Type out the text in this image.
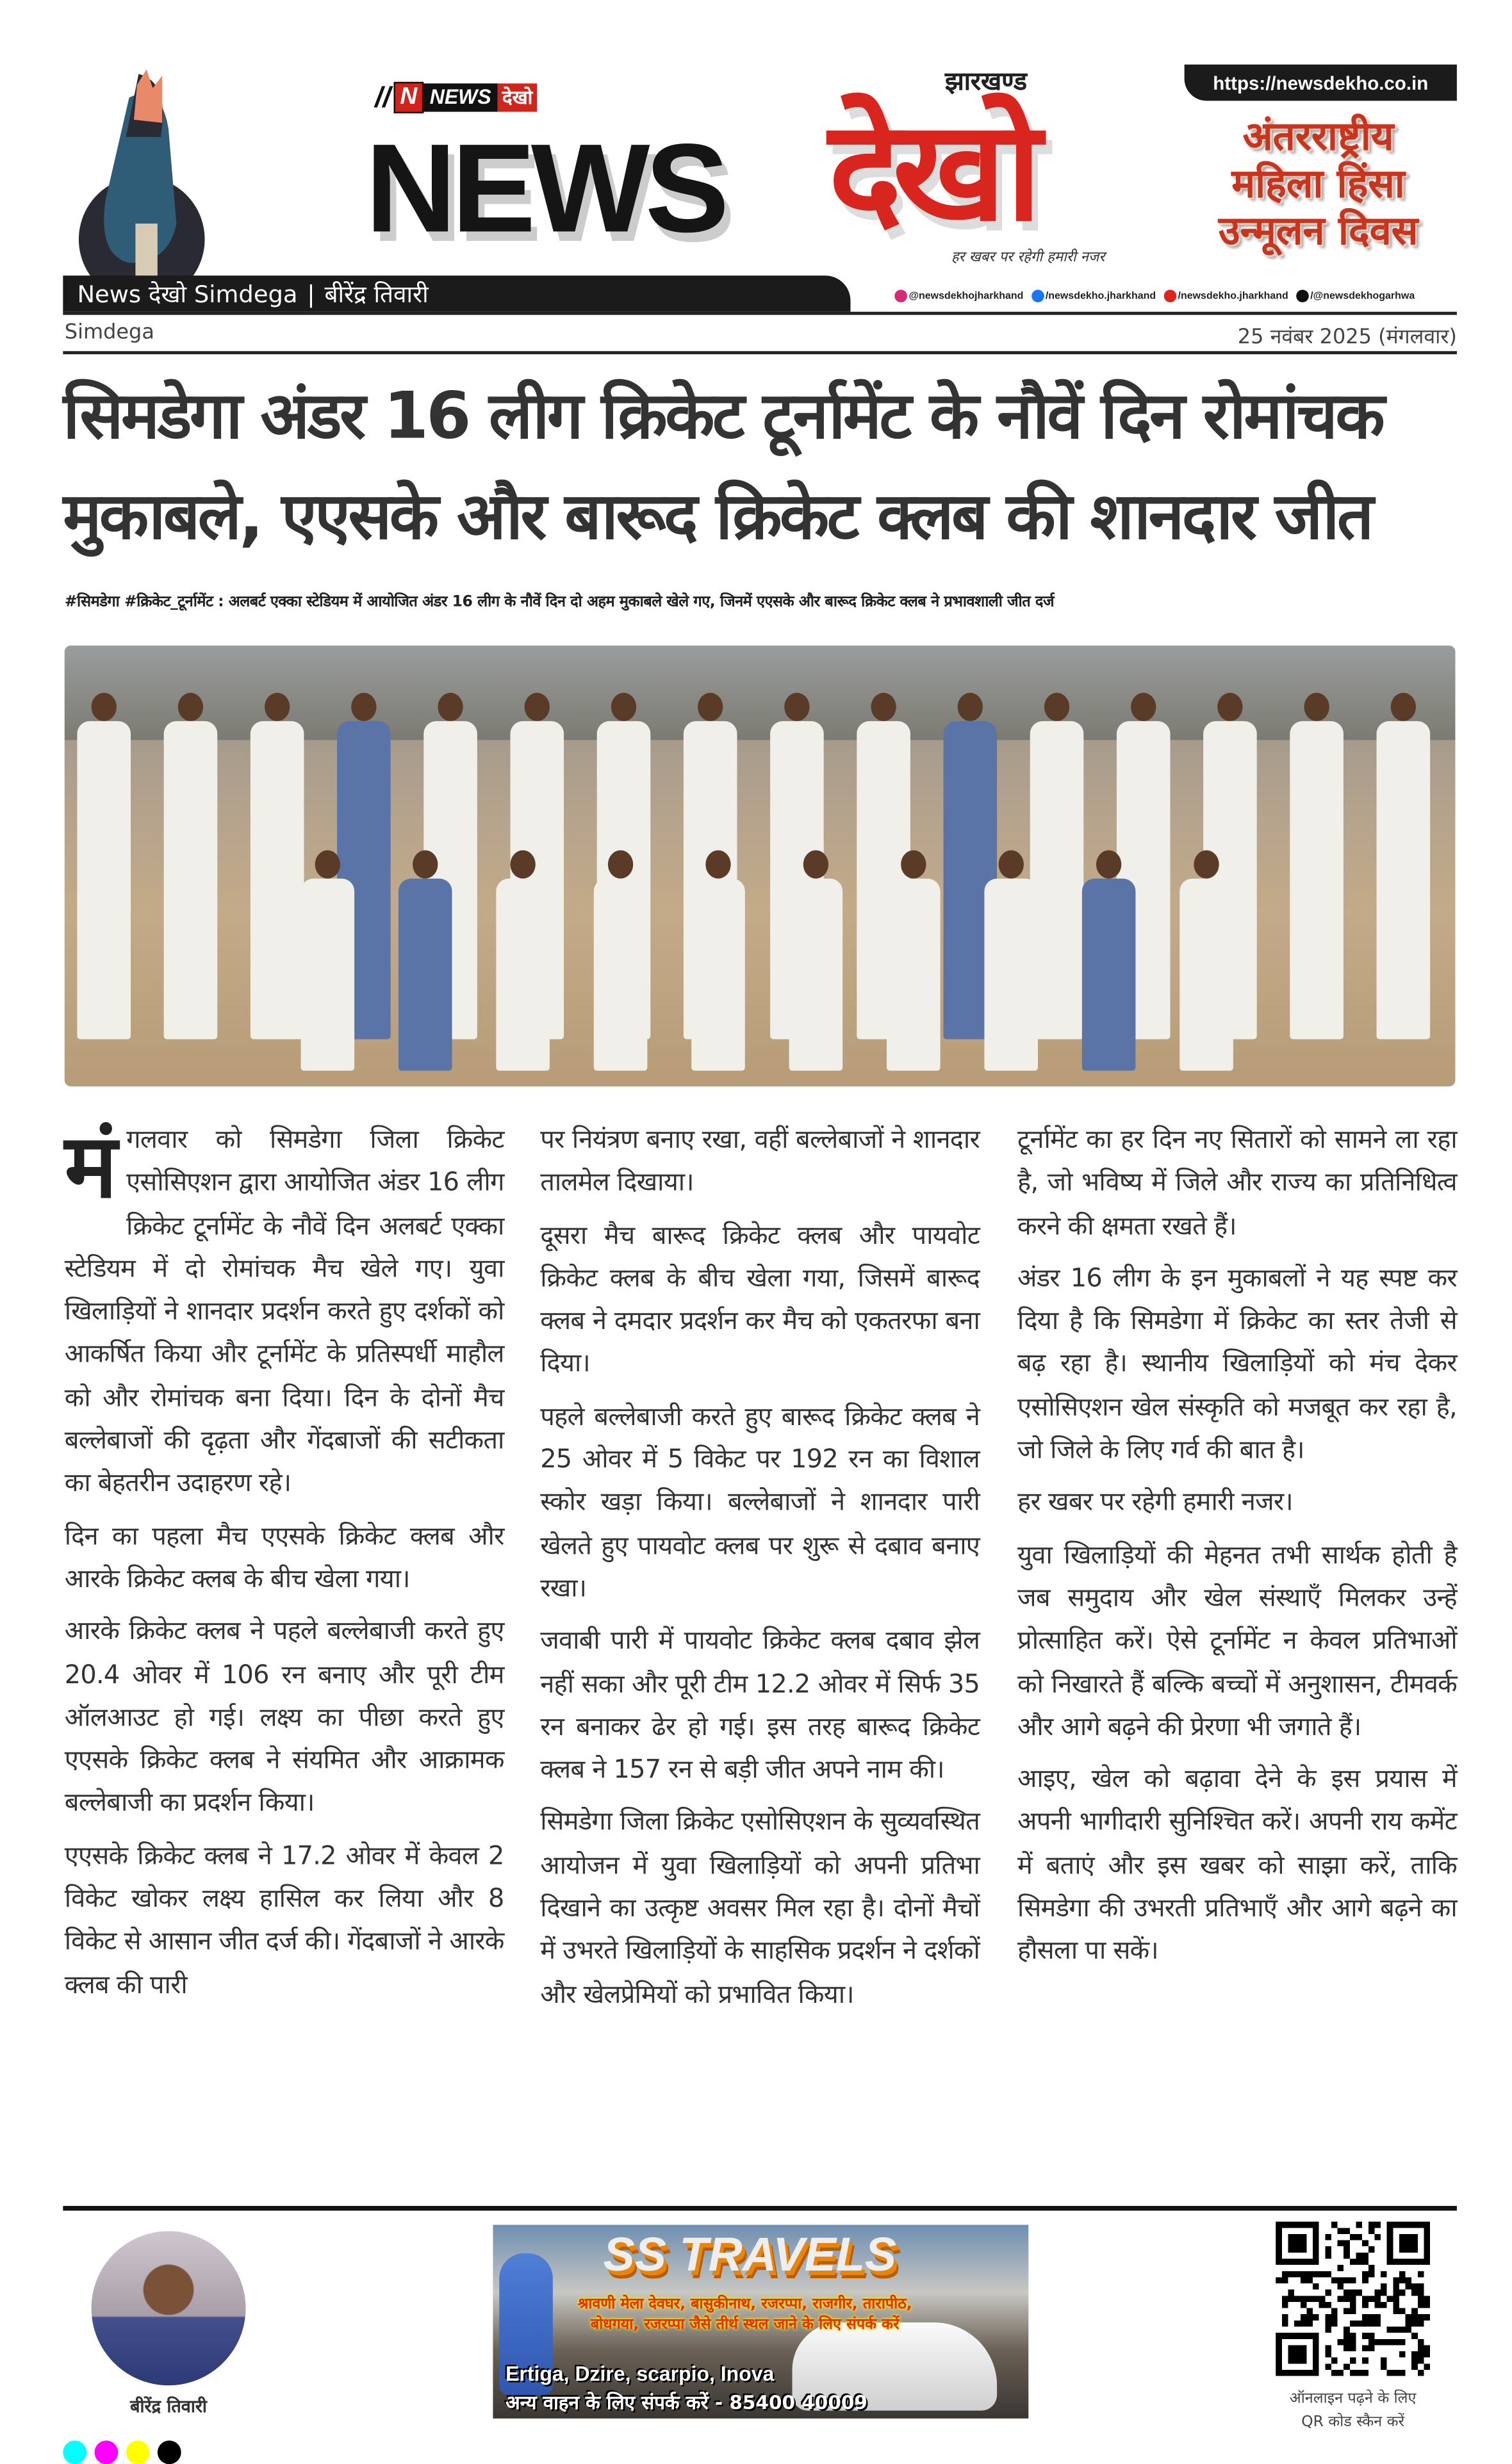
// N	NEWS	देखो
NEWS
झारखण्ड
देखो
हर खबर पर रहेगी हमारी नजर
https://newsdekho.co.in
अंतरराष्ट्रीय
महिला हिंसा
उन्मूलन दिवस
News देखो Simdega | बीरेंद्र तिवारी	@newsdekhojharkhand	/newsdekho.jharkhand	/newsdekho.jharkhand	/@newsdekhogarhwa
Simdega	25 नवंबर 2025 (मंगलवार)
सिमडेगा अंडर 16 लीग क्रिकेट टूर्नामेंट के नौवें दिन रोमांचक मुकाबले, एएसके और बारूद क्रिकेट क्लब की शानदार जीत
#सिमडेगा #क्रिकेट_टूर्नामेंट : अलबर्ट एक्का स्टेडियम में आयोजित अंडर 16 लीग के नौवें दिन दो अहम मुकाबले खेले गए, जिनमें एएसके और बारूद क्रिकेट क्लब ने प्रभावशाली जीत दर्ज

मंगलवार को सिमडेगा जिला क्रिकेट एसोसिएशन द्वारा आयोजित अंडर 16 लीग क्रिकेट टूर्नामेंट के नौवें दिन अलबर्ट एक्का स्टेडियम में दो रोमांचक मैच खेले गए। युवा खिलाड़ियों ने शानदार प्रदर्शन करते हुए दर्शकों को आकर्षित किया और टूर्नामेंट के प्रतिस्पर्धी माहौल को और रोमांचक बना दिया। दिन के दोनों मैच बल्लेबाजों की दृढ़ता और गेंदबाजों की सटीकता का बेहतरीन उदाहरण रहे।

दिन का पहला मैच एएसके क्रिकेट क्लब और आरके क्रिकेट क्लब के बीच खेला गया।

आरके क्रिकेट क्लब ने पहले बल्लेबाजी करते हुए 20.4 ओवर में 106 रन बनाए और पूरी टीम ऑलआउट हो गई। लक्ष्य का पीछा करते हुए एएसके क्रिकेट क्लब ने संयमित और आक्रामक बल्लेबाजी का प्रदर्शन किया।

एएसके क्रिकेट क्लब ने 17.2 ओवर में केवल 2 विकेट खोकर लक्ष्य हासिल कर लिया और 8 विकेट से आसान जीत दर्ज की। गेंदबाजों ने आरके क्लब की पारी

पर नियंत्रण बनाए रखा, वहीं बल्लेबाजों ने शानदार तालमेल दिखाया।

दूसरा मैच बारूद क्रिकेट क्लब और पायवोट क्रिकेट क्लब के बीच खेला गया, जिसमें बारूद क्लब ने दमदार प्रदर्शन कर मैच को एकतरफा बना दिया।

पहले बल्लेबाजी करते हुए बारूद क्रिकेट क्लब ने 25 ओवर में 5 विकेट पर 192 रन का विशाल स्कोर खड़ा किया। बल्लेबाजों ने शानदार पारी खेलते हुए पायवोट क्लब पर शुरू से दबाव बनाए रखा।

जवाबी पारी में पायवोट क्रिकेट क्लब दबाव झेल नहीं सका और पूरी टीम 12.2 ओवर में सिर्फ 35 रन बनाकर ढेर हो गई। इस तरह बारूद क्रिकेट क्लब ने 157 रन से बड़ी जीत अपने नाम की।

सिमडेगा जिला क्रिकेट एसोसिएशन के सुव्यवस्थित आयोजन में युवा खिलाड़ियों को अपनी प्रतिभा दिखाने का उत्कृष्ट अवसर मिल रहा है। दोनों मैचों में उभरते खिलाड़ियों के साहसिक प्रदर्शन ने दर्शकों और खेलप्रेमियों को प्रभावित किया।

टूर्नामेंट का हर दिन नए सितारों को सामने ला रहा है, जो भविष्य में जिले और राज्य का प्रतिनिधित्व करने की क्षमता रखते हैं।

अंडर 16 लीग के इन मुकाबलों ने यह स्पष्ट कर दिया है कि सिमडेगा में क्रिकेट का स्तर तेजी से बढ़ रहा है। स्थानीय खिलाड़ियों को मंच देकर एसोसिएशन खेल संस्कृति को मजबूत कर रहा है, जो जिले के लिए गर्व की बात है।

हर खबर पर रहेगी हमारी नजर।

युवा खिलाड़ियों की मेहनत तभी सार्थक होती है जब समुदाय और खेल संस्थाएँ मिलकर उन्हें प्रोत्साहित करें। ऐसे टूर्नामेंट न केवल प्रतिभाओं को निखारते हैं बल्कि बच्चों में अनुशासन, टीमवर्क और आगे बढ़ने की प्रेरणा भी जगाते हैं।

आइए, खेल को बढ़ावा देने के इस प्रयास में अपनी भागीदारी सुनिश्चित करें। अपनी राय कमेंट में बताएं और इस खबर को साझा करें, ताकि सिमडेगा की उभरती प्रतिभाएँ और आगे बढ़ने का हौसला पा सकें।

बीरेंद्र तिवारी
SS TRAVELS
श्रावणी मेला देवघर, बासुकीनाथ, रजरप्पा, राजगीर, तारापीठ, बोधगया, रजरप्पा जैसे तीर्थ स्थल जाने के लिए संपर्क करें
Ertiga, Dzire, scarpio, Inova
अन्य वाहन के लिए संपर्क करें - 85400 40009	ऑनलाइन पढ़ने के लिए
QR कोड स्कैन करें
